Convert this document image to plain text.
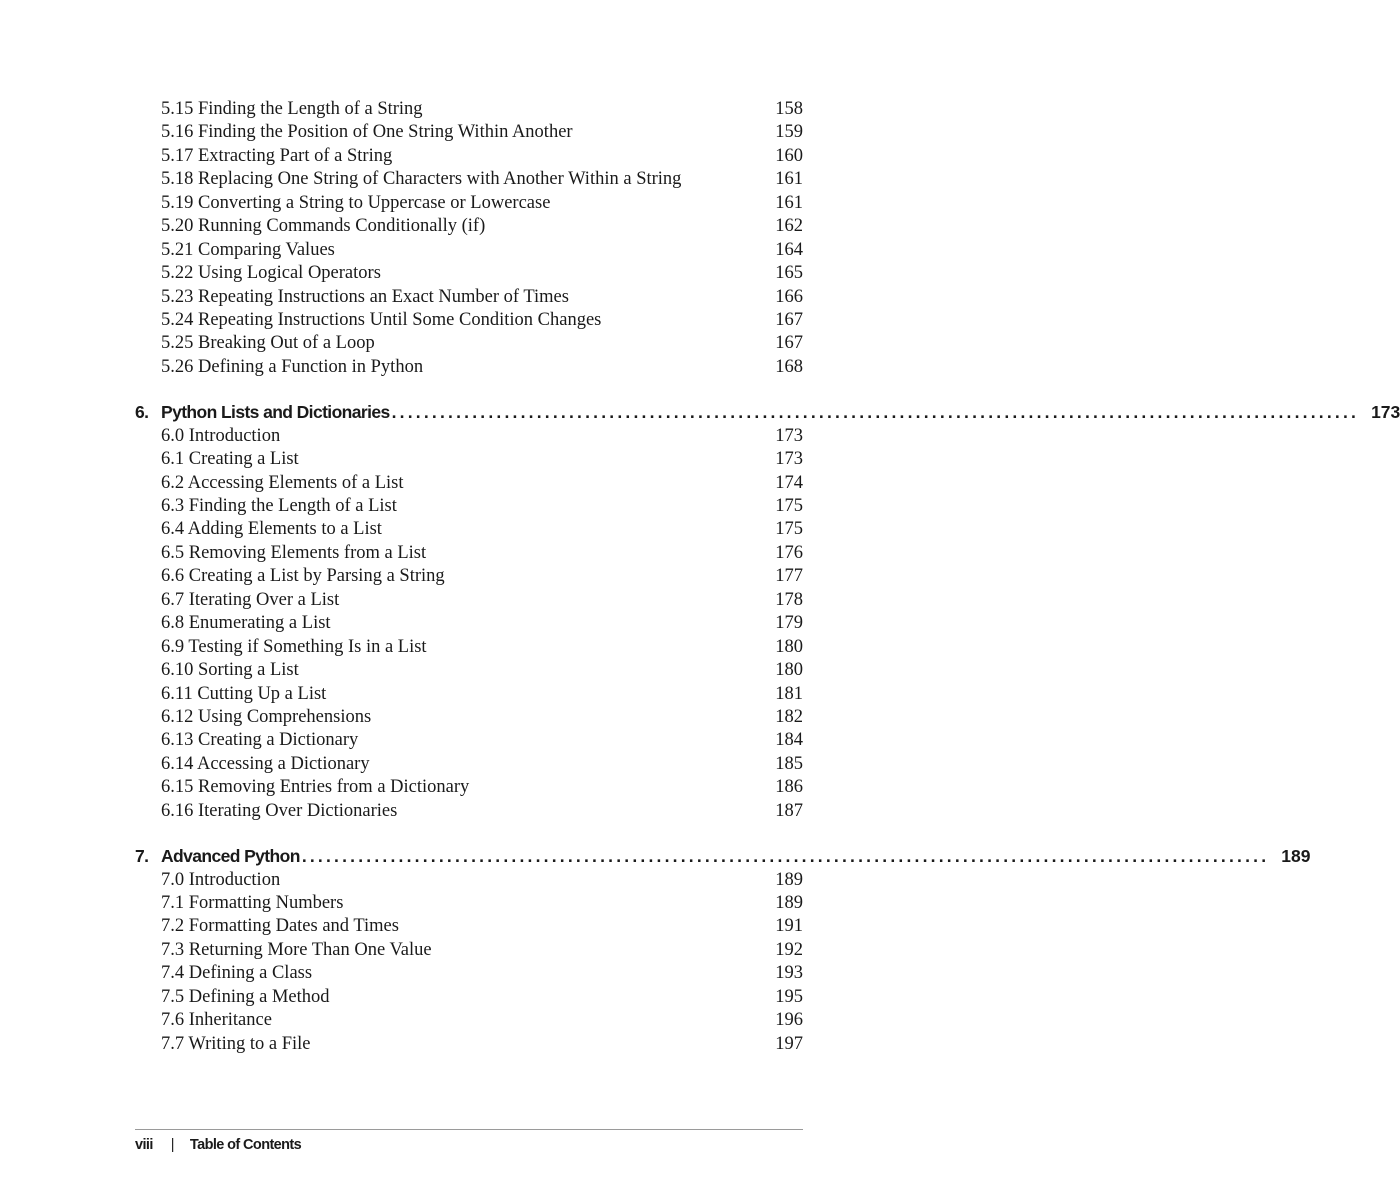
5.15 Finding the Length of a String	158
5.16 Finding the Position of One String Within Another	159
5.17 Extracting Part of a String	160
5.18 Replacing One String of Characters with Another Within a String	161
5.19 Converting a String to Uppercase or Lowercase	161
5.20 Running Commands Conditionally (if)	162
5.21 Comparing Values	164
5.22 Using Logical Operators	165
5.23 Repeating Instructions an Exact Number of Times	166
5.24 Repeating Instructions Until Some Condition Changes	167
5.25 Breaking Out of a Loop	167
5.26 Defining a Function in Python	168
6. Python Lists and Dictionaries ........................................................................................................................ 173
6.0 Introduction	173
6.1 Creating a List	173
6.2 Accessing Elements of a List	174
6.3 Finding the Length of a List	175
6.4 Adding Elements to a List	175
6.5 Removing Elements from a List	176
6.6 Creating a List by Parsing a String	177
6.7 Iterating Over a List	178
6.8 Enumerating a List	179
6.9 Testing if Something Is in a List	180
6.10 Sorting a List	180
6.11 Cutting Up a List	181
6.12 Using Comprehensions	182
6.13 Creating a Dictionary	184
6.14 Accessing a Dictionary	185
6.15 Removing Entries from a Dictionary	186
6.16 Iterating Over Dictionaries	187
7. Advanced Python ........................................................................................................................ 189
7.0 Introduction	189
7.1 Formatting Numbers	189
7.2 Formatting Dates and Times	191
7.3 Returning More Than One Value	192
7.4 Defining a Class	193
7.5 Defining a Method	195
7.6 Inheritance	196
7.7 Writing to a File	197
viii | Table of Contents
